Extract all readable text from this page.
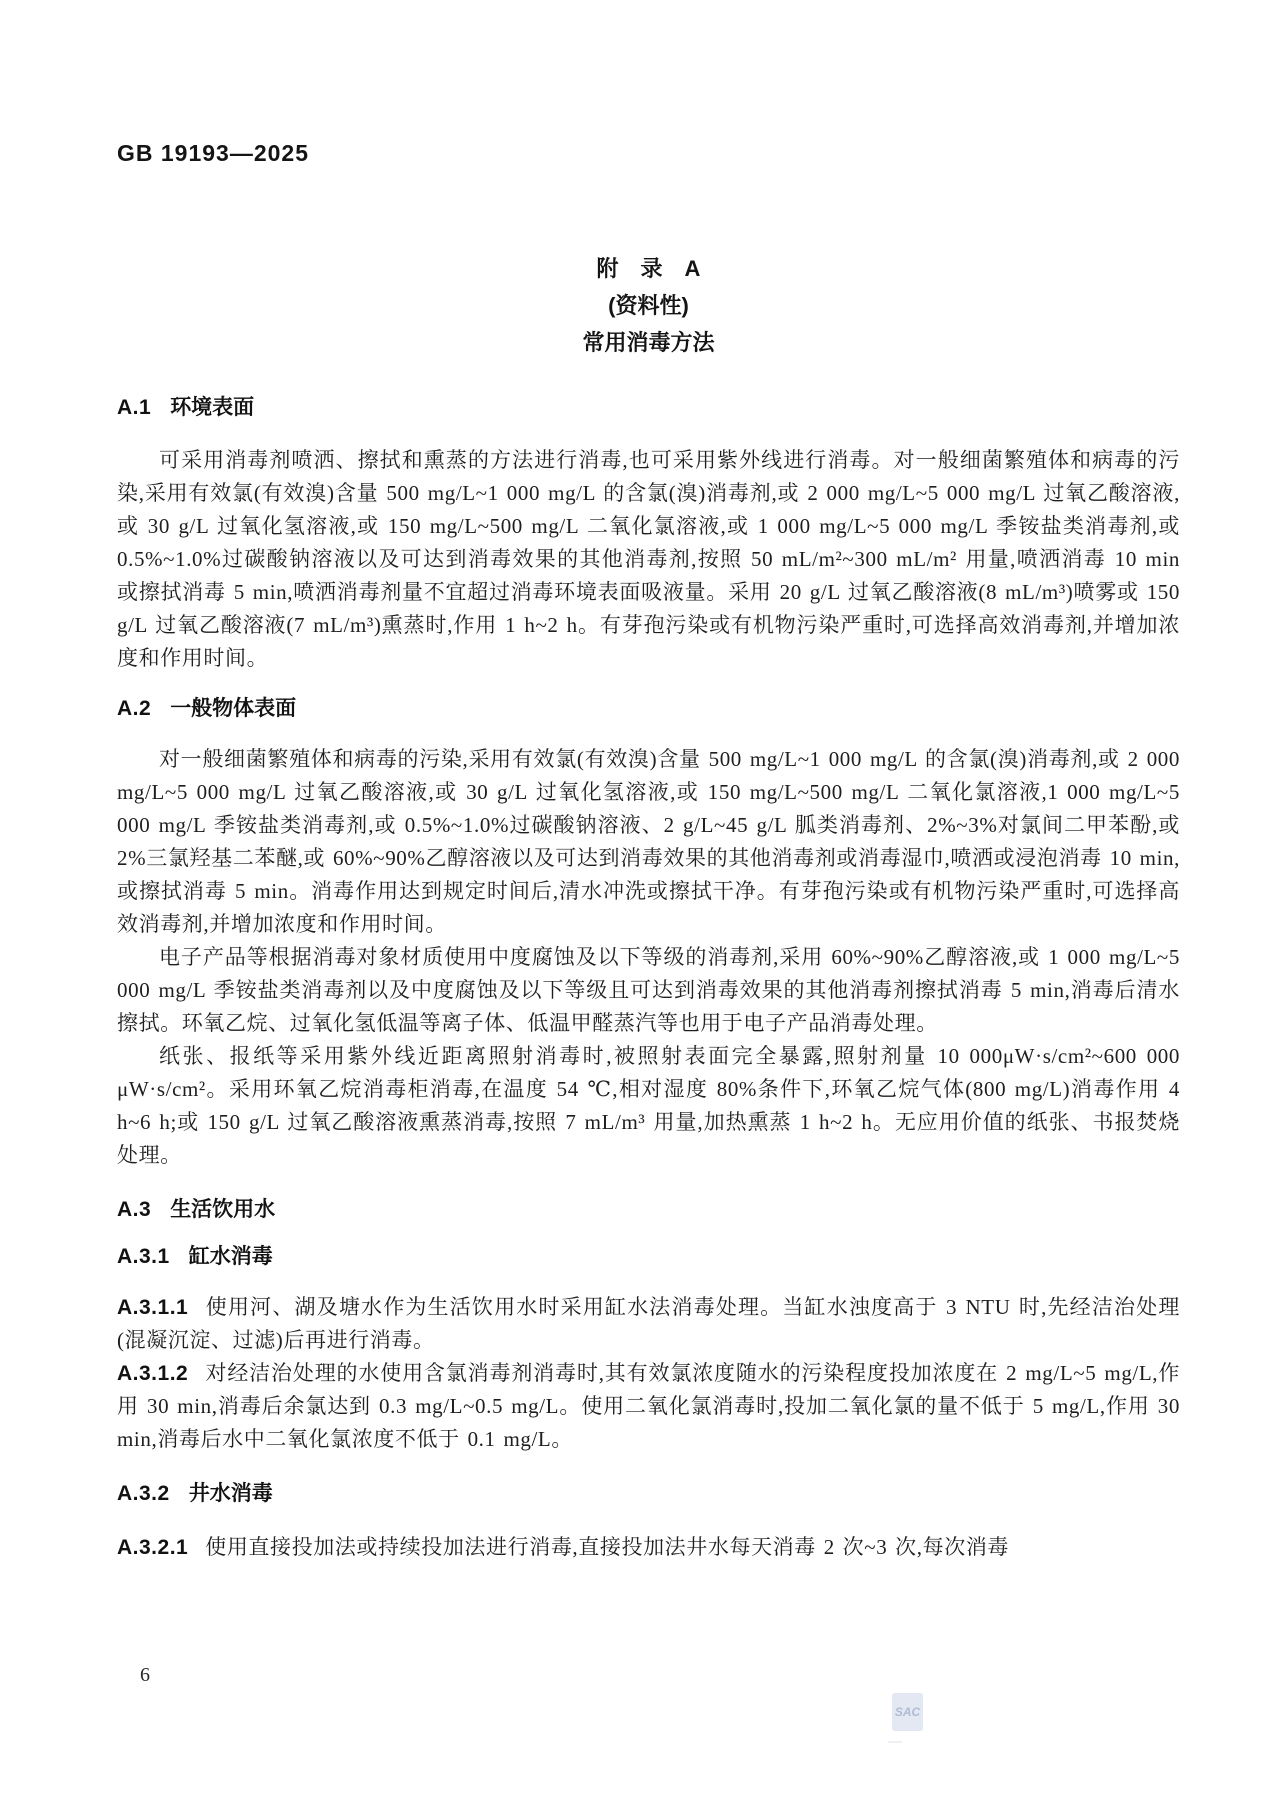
GB 19193—2025
附　录　A
(资料性)
常用消毒方法
A.1 环境表面

可采用消毒剂喷洒、擦拭和熏蒸的方法进行消毒,也可采用紫外线进行消毒。对一般细菌繁殖体和病毒的污染,采用有效氯(有效溴)含量 500 mg/L~1 000 mg/L 的含氯(溴)消毒剂,或 2 000 mg/L~5 000 mg/L 过氧乙酸溶液,或 30 g/L 过氧化氢溶液,或 150 mg/L~500 mg/L 二氧化氯溶液,或 1 000 mg/L~5 000 mg/L 季铵盐类消毒剂,或 0.5%~1.0%过碳酸钠溶液以及可达到消毒效果的其他消毒剂,按照 50 mL/m²~300 mL/m² 用量,喷洒消毒 10 min 或擦拭消毒 5 min,喷洒消毒剂量不宜超过消毒环境表面吸液量。采用 20 g/L 过氧乙酸溶液(8 mL/m³)喷雾或 150 g/L 过氧乙酸溶液(7 mL/m³)熏蒸时,作用 1 h~2 h。有芽孢污染或有机物污染严重时,可选择高效消毒剂,并增加浓度和作用时间。

A.2 一般物体表面

对一般细菌繁殖体和病毒的污染,采用有效氯(有效溴)含量 500 mg/L~1 000 mg/L 的含氯(溴)消毒剂,或 2 000 mg/L~5 000 mg/L 过氧乙酸溶液,或 30 g/L 过氧化氢溶液,或 150 mg/L~500 mg/L 二氧化氯溶液,1 000 mg/L~5 000 mg/L 季铵盐类消毒剂,或 0.5%~1.0%过碳酸钠溶液、2 g/L~45 g/L 胍类消毒剂、2%~3%对氯间二甲苯酚,或 2%三氯羟基二苯醚,或 60%~90%乙醇溶液以及可达到消毒效果的其他消毒剂或消毒湿巾,喷洒或浸泡消毒 10 min,或擦拭消毒 5 min。消毒作用达到规定时间后,清水冲洗或擦拭干净。有芽孢污染或有机物污染严重时,可选择高效消毒剂,并增加浓度和作用时间。

电子产品等根据消毒对象材质使用中度腐蚀及以下等级的消毒剂,采用 60%~90%乙醇溶液,或 1 000 mg/L~5 000 mg/L 季铵盐类消毒剂以及中度腐蚀及以下等级且可达到消毒效果的其他消毒剂擦拭消毒 5 min,消毒后清水擦拭。环氧乙烷、过氧化氢低温等离子体、低温甲醛蒸汽等也用于电子产品消毒处理。

纸张、报纸等采用紫外线近距离照射消毒时,被照射表面完全暴露,照射剂量 10 000μW·s/cm²~600 000 μW·s/cm²。采用环氧乙烷消毒柜消毒,在温度 54 ℃,相对湿度 80%条件下,环氧乙烷气体(800 mg/L)消毒作用 4 h~6 h;或 150 g/L 过氧乙酸溶液熏蒸消毒,按照 7 mL/m³ 用量,加热熏蒸 1 h~2 h。无应用价值的纸张、书报焚烧处理。

A.3 生活饮用水
A.3.1 缸水消毒

A.3.1.1 使用河、湖及塘水作为生活饮用水时采用缸水法消毒处理。当缸水浊度高于 3 NTU 时,先经洁治处理(混凝沉淀、过滤)后再进行消毒。

A.3.1.2 对经洁治处理的水使用含氯消毒剂消毒时,其有效氯浓度随水的污染程度投加浓度在 2 mg/L~5 mg/L,作用 30 min,消毒后余氯达到 0.3 mg/L~0.5 mg/L。使用二氧化氯消毒时,投加二氧化氯的量不低于 5 mg/L,作用 30 min,消毒后水中二氧化氯浓度不低于 0.1 mg/L。

A.3.2 井水消毒

A.3.2.1 使用直接投加法或持续投加法进行消毒,直接投加法井水每天消毒 2 次~3 次,每次消毒

6
SAC
